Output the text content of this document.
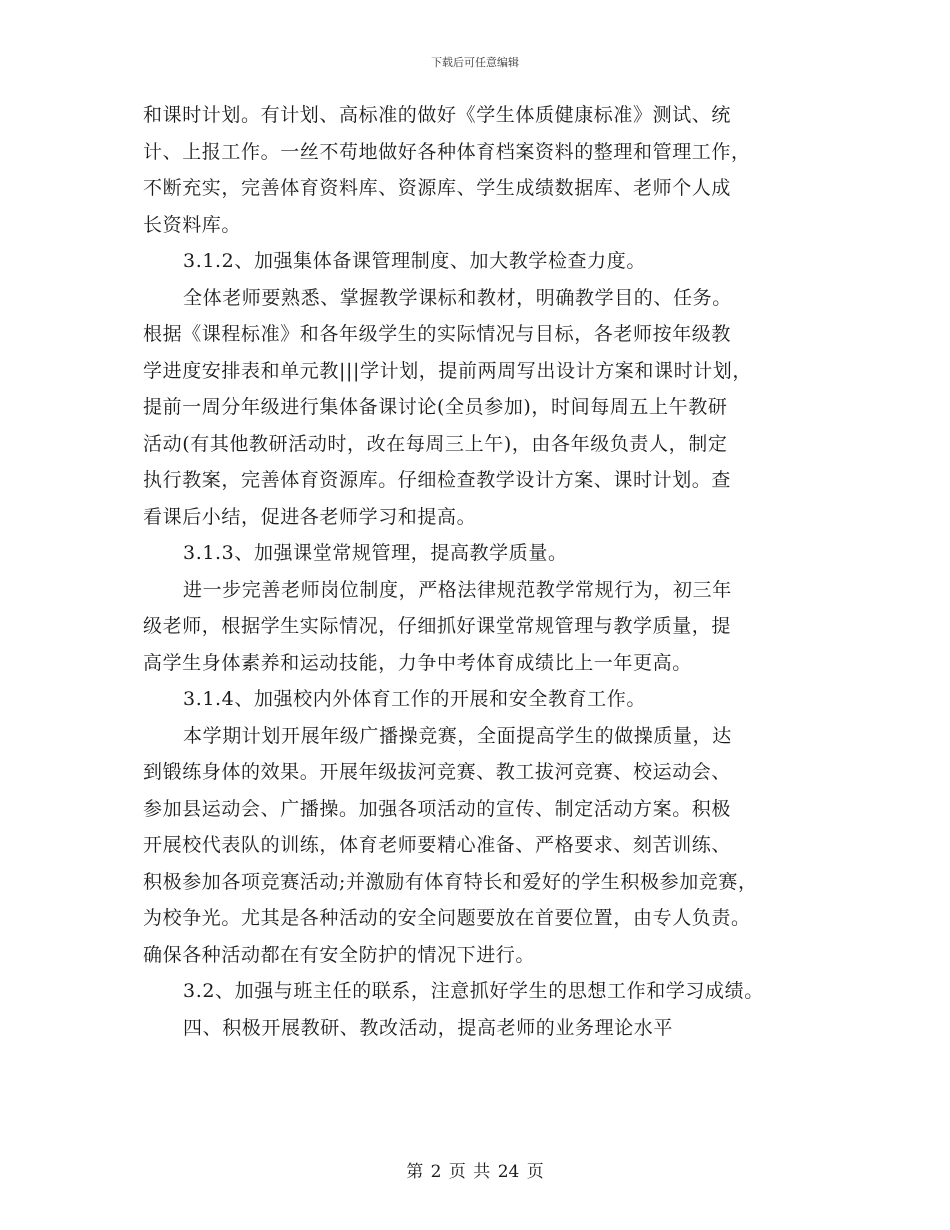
下载后可任意编辑
和课时计划。有计划、高标准的做好《学生体质健康标准》测试、统
计、上报工作。一丝不苟地做好各种体育档案资料的整理和管理工作，
不断充实，完善体育资料库、资源库、学生成绩数据库、老师个人成
长资料库。
3.1.2、加强集体备课管理制度、加大教学检查力度。
全体老师要熟悉、掌握教学课标和教材，明确教学目的、任务。
根据《课程标准》和各年级学生的实际情况与目标，各老师按年级教
学进度安排表和单元教|||学计划，提前两周写出设计方案和课时计划，
提前一周分年级进行集体备课讨论(全员参加)，时间每周五上午教研
活动(有其他教研活动时，改在每周三上午)，由各年级负责人，制定
执行教案，完善体育资源库。仔细检查教学设计方案、课时计划。查
看课后小结，促进各老师学习和提高。
3.1.3、加强课堂常规管理，提高教学质量。
进一步完善老师岗位制度，严格法律规范教学常规行为，初三年
级老师，根据学生实际情况，仔细抓好课堂常规管理与教学质量，提
高学生身体素养和运动技能，力争中考体育成绩比上一年更高。
3.1.4、加强校内外体育工作的开展和安全教育工作。
本学期计划开展年级广播操竞赛，全面提高学生的做操质量，达
到锻练身体的效果。开展年级拔河竞赛、教工拔河竞赛、校运动会、
参加县运动会、广播操。加强各项活动的宣传、制定活动方案。积极
开展校代表队的训练，体育老师要精心准备、严格要求、刻苦训练、
积极参加各项竞赛活动;并激励有体育特长和爱好的学生积极参加竞赛，
为校争光。尤其是各种活动的安全问题要放在首要位置，由专人负责。
确保各种活动都在有安全防护的情况下进行。
3.2、加强与班主任的联系，注意抓好学生的思想工作和学习成绩。
四、积极开展教研、教改活动，提高老师的业务理论水平
第 2 页 共 24 页
